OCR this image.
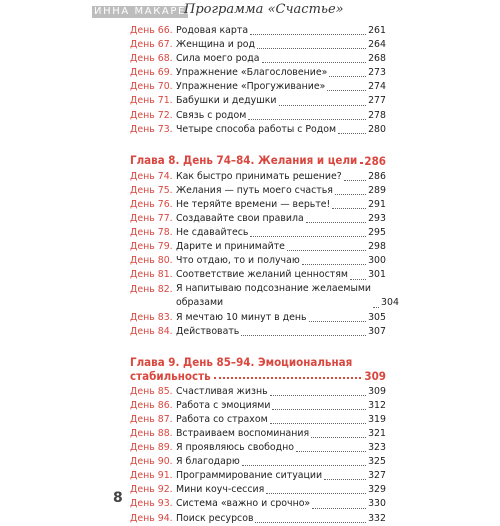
ИННА МАКАРЕНКО
Программа «Счастье»
День 66. Родовая карта	261
День 67. Женщина и род	264
День 68. Сила моего рода	268
День 69. Упражнение «Благословение»	273
День 70. Упражнение «Прогуживание»	274
День 71. Бабушки и дедушки	277
День 72. Связь с родом	278
День 73. Четыре способа работы с Родом	280
Глава 8. День 74–84. Желания и цели 286
День 74. Как быстро принимать решение?	286
День 75. Желания — путь моего счастья	289
День 76. Не теряйте времени — верьте!	291
День 77. Создавайте свои правила	293
День 78. Не сдавайтесь	295
День 79. Дарите и принимайте	298
День 80. Что отдаю, то и получаю	300
День 81. Соответствие желаний ценностям 301
День 82. Я напитываю подсознание желаемыми
образами	304
День 83. Я мечтаю 10 минут в день	305
День 84. Действовать	307
Глава 9. День 85–94. Эмоциональная
стабильность	309
День 85. Счастливая жизнь	309
День 86. Работа с эмоциями	312
День 87. Работа со страхом	319
День 88. Встраиваем воспоминания	321
День 89. Я проявляюсь свободно	323
День 90. Я благодарю	325
День 91. Программирование ситуации	327
День 92. Мини коуч-сессия	329
День 93. Система «важно и срочно»	330
День 94. Поиск ресурсов	332
8
